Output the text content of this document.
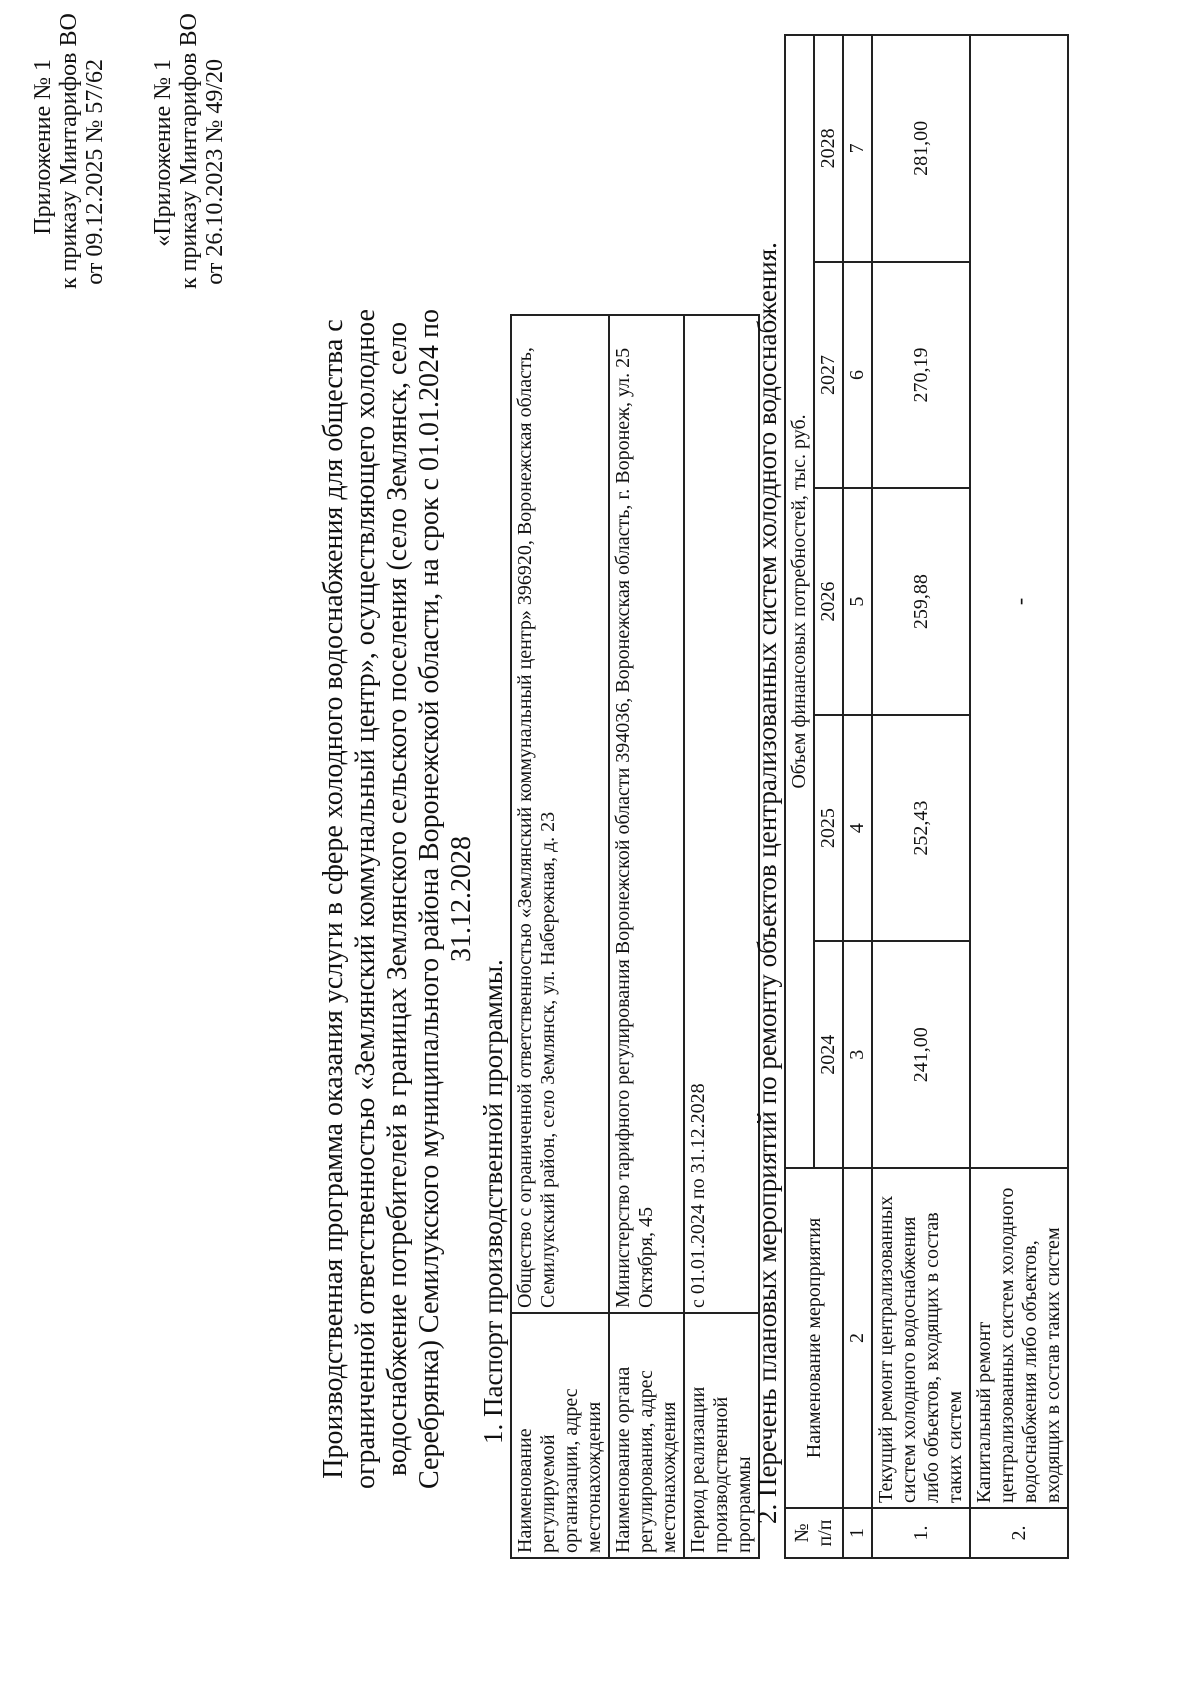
Приложение № 1 к приказу Минтарифов ВО от 09.12.2025 № 57/62 «Приложение № 1 к приказу Минтарифов ВО от 26.10.2023 № 49/20
Производственная программа оказания услуги в сфере холодного водоснабжения для общества с ограниченной ответственностью «Землянский коммунальный центр», осуществляющего холодное водоснабжение потребителей в границах Землянского сельского поселения (село Землянск, село Серебрянка) Семилукского муниципального района Воронежской области, на срок с 01.01.2024 по 31.12.2028
1. Паспорт производственной программы.
Наименование регулируемой организации, адрес местонахождения	Общество с ограниченной ответственностью «Землянский коммунальный центр» 396920, Воронежская область, Семилукский район, село Землянск, ул. Набережная, д. 23
Наименование органа регулирования, адрес местонахождения	Министерство тарифного регулирования Воронежской области 394036, Воронежская область, г. Воронеж, ул. 25 Октября, 45
Период реализации производственной программы	с 01.01.2024 по 31.12.2028 2. Перечень плановых мероприятий по ремонту объектов централизованных систем холодного водоснабжения.
№ п/п	Наименование мероприятия	Объем финансовых потребностей, тыс. руб.				
		2024	2025	2026	2027	2028
1	2	3	4	5	6	7
1.	Текущий ремонт централизованных систем холодного водоснабжения либо объектов, входящих в состав таких систем	241,00	252,43	259,88	270,19	281,00
2.	Капитальный ремонт централизованных систем холодного водоснабжения либо объектов, входящих в состав таких систем	-				
